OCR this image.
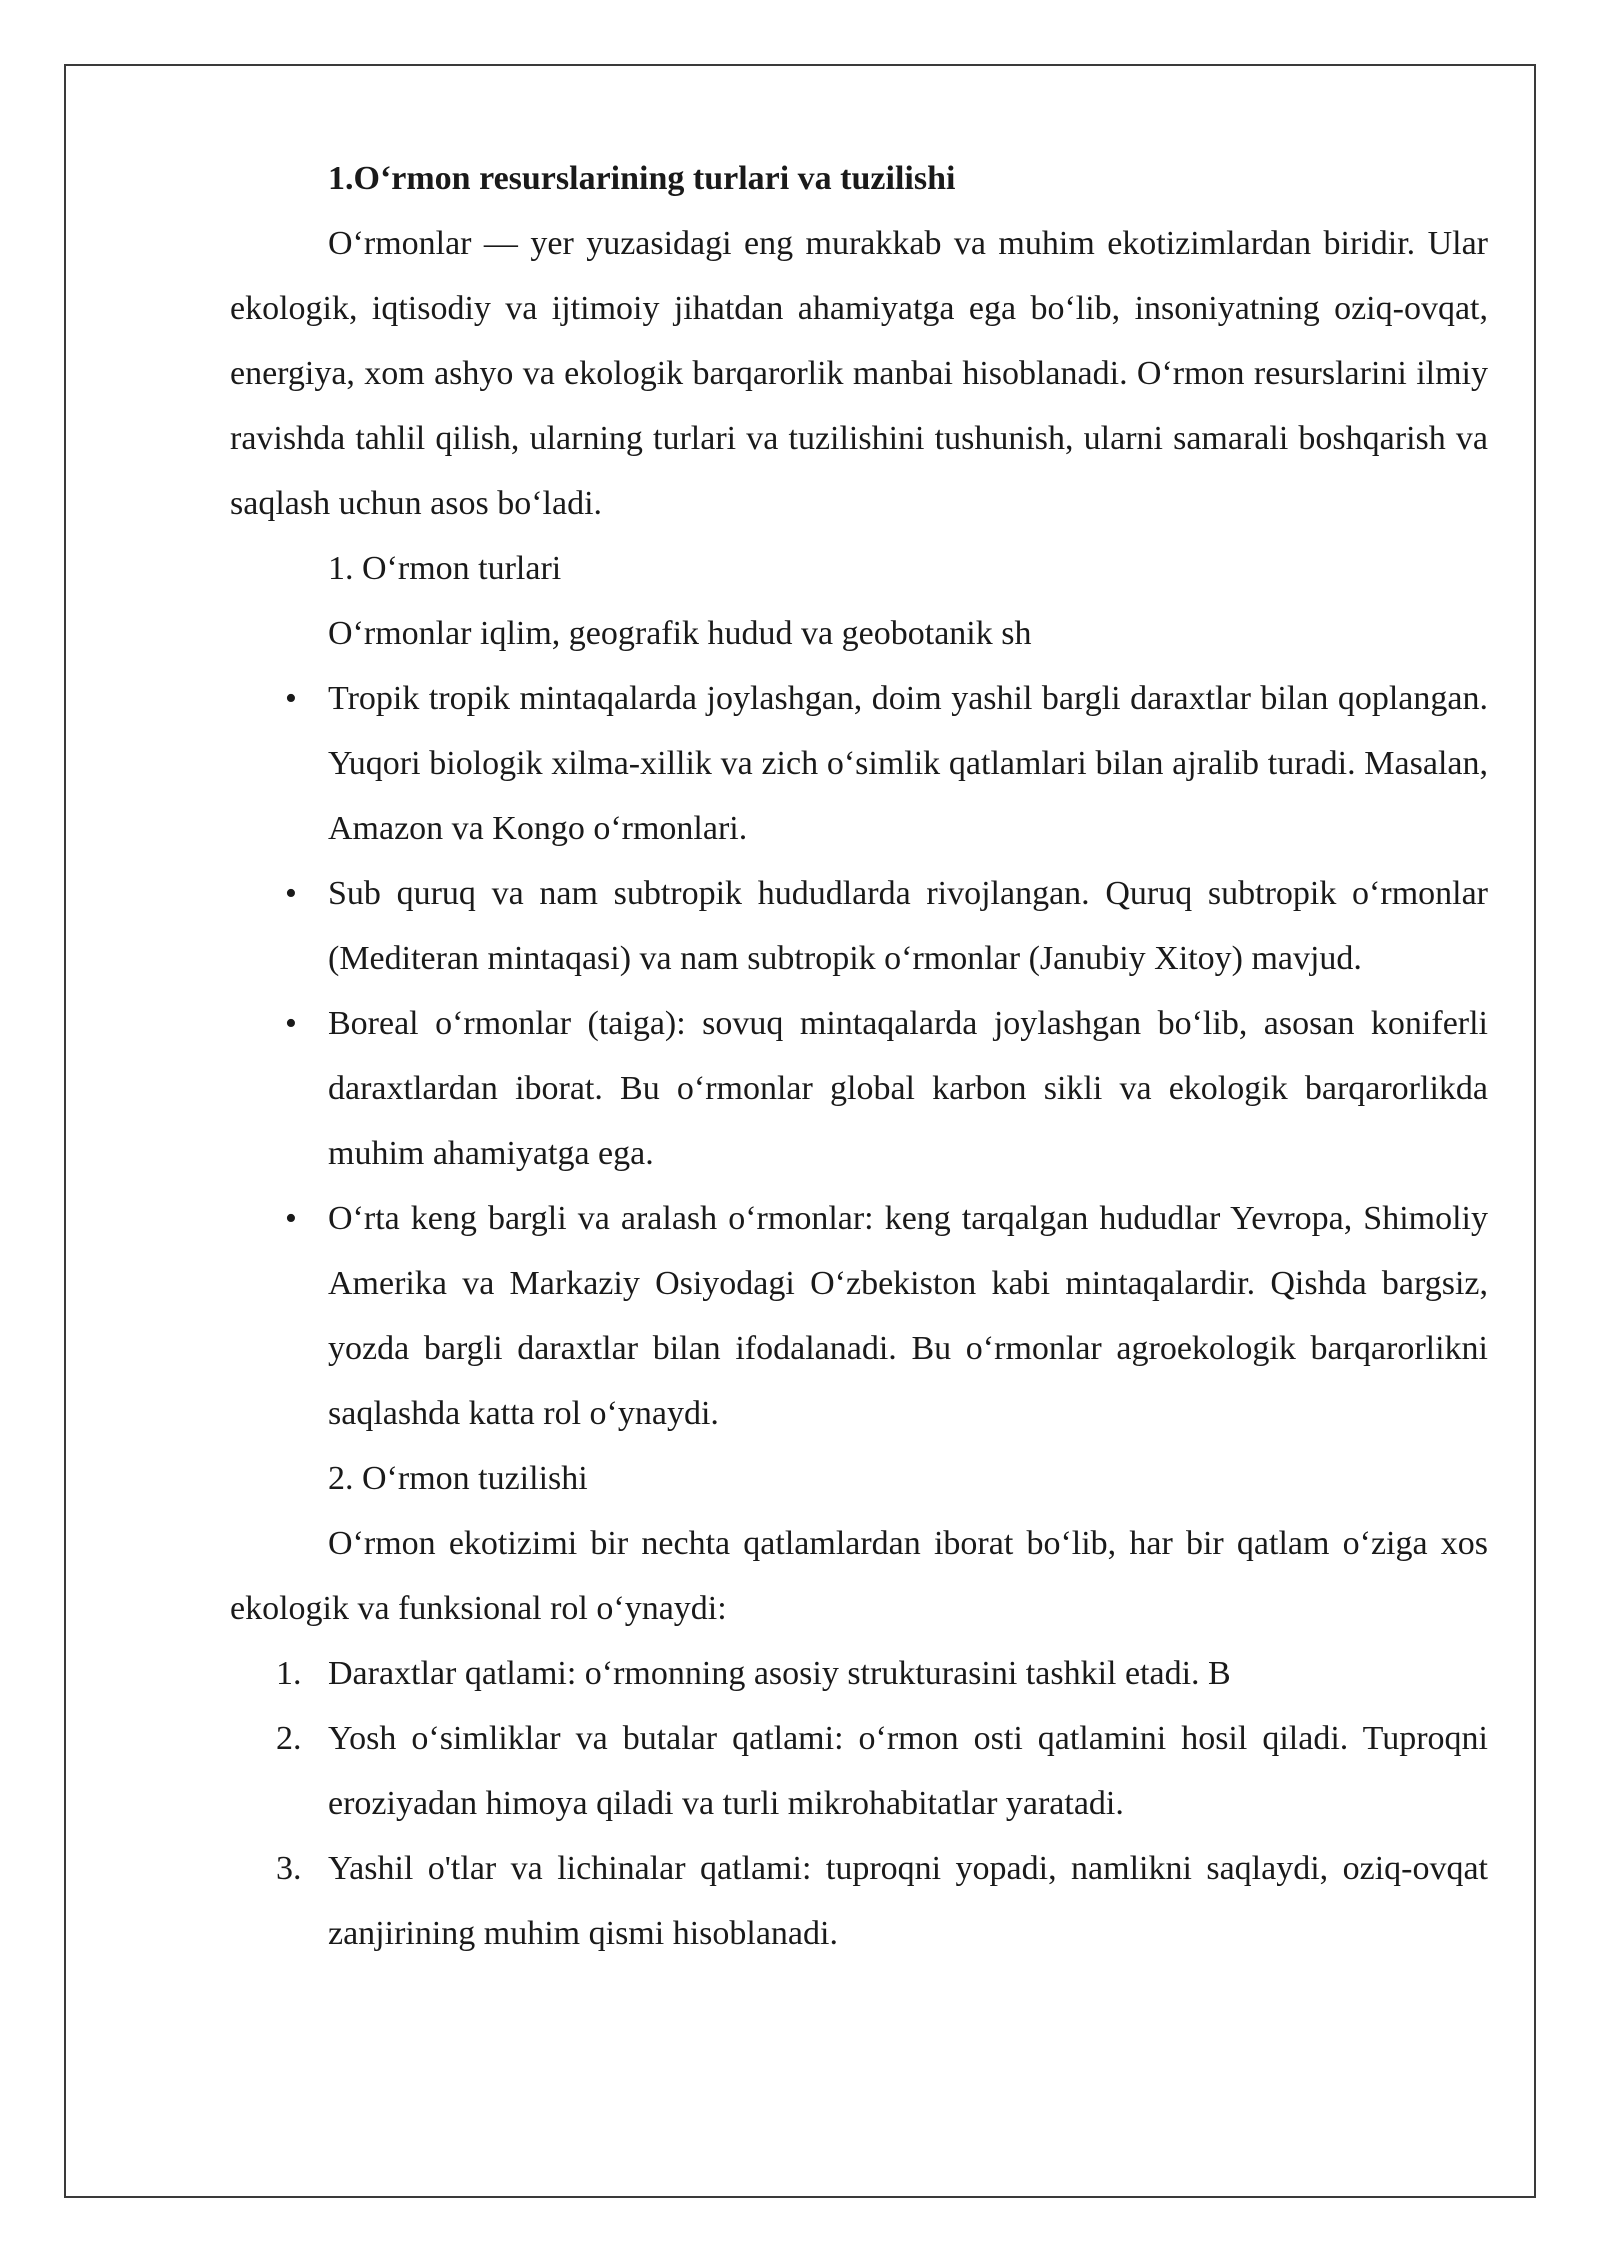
1.O‘rmon resurslarining turlari va tuzilishi

O‘rmonlar — yer yuzasidagi eng murakkab va muhim ekotizimlardan biridir. Ular ekologik, iqtisodiy va ijtimoiy jihatdan ahamiyatga ega bo‘lib, insoniyatning oziq-ovqat, energiya, xom ashyo va ekologik barqarorlik manbai hisoblanadi. O‘rmon resurslarini ilmiy ravishda tahlil qilish, ularning turlari va tuzilishini tushunish, ularni samarali boshqarish va saqlash uchun asos bo‘ladi.

1. O‘rmon turlari

O‘rmonlar iqlim, geografik hudud va geobotanik sh

• Tropik tropik mintaqalarda joylashgan, doim yashil bargli daraxtlar bilan qoplangan. Yuqori biologik xilma-xillik va zich o‘simlik qatlamlari bilan ajralib turadi. Masalan, Amazon va Kongo o‘rmonlari.
• Sub quruq va nam subtropik hududlarda rivojlangan. Quruq subtropik o‘rmonlar (Mediteran mintaqasi) va nam subtropik o‘rmonlar (Janubiy Xitoy) mavjud.
• Boreal o‘rmonlar (taiga): sovuq mintaqalarda joylashgan bo‘lib, asosan koniferli daraxtlardan iborat. Bu o‘rmonlar global karbon sikli va ekologik barqarorlikda muhim ahamiyatga ega.
• O‘rta keng bargli va aralash o‘rmonlar: keng tarqalgan hududlar Yevropa, Shimoliy Amerika va Markaziy Osiyodagi O‘zbekiston kabi mintaqalardir. Qishda bargsiz, yozda bargli daraxtlar bilan ifodalanadi. Bu o‘rmonlar agroekologik barqarorlikni saqlashda katta rol o‘ynaydi.

2. O‘rmon tuzilishi

O‘rmon ekotizimi bir nechta qatlamlardan iborat bo‘lib, har bir qatlam o‘ziga xos ekologik va funksional rol o‘ynaydi:

1. Daraxtlar qatlami: o‘rmonning asosiy strukturasini tashkil etadi. B
2. Yosh o‘simliklar va butalar qatlami: o‘rmon osti qatlamini hosil qiladi. Tuproqni eroziyadan himoya qiladi va turli mikrohabitatlar yaratadi.
3. Yashil o'tlar va lichinalar qatlami: tuproqni yopadi, namlikni saqlaydi, oziq-ovqat zanjirining muhim qismi hisoblanadi.
